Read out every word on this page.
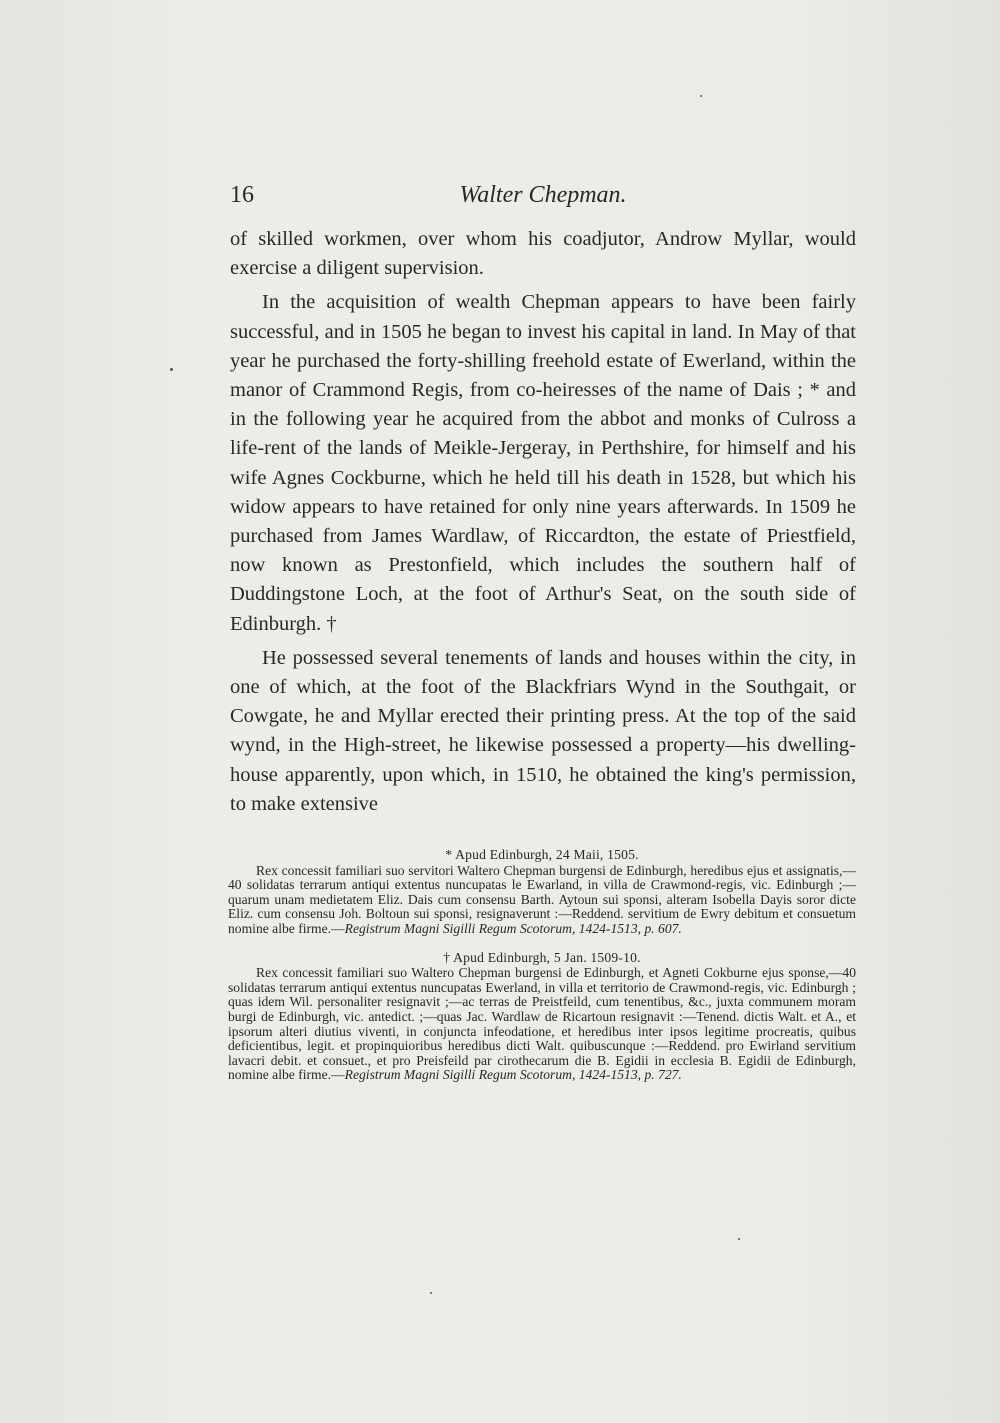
16	Walter Chepman.

of skilled workmen, over whom his coadjutor, Androw Myllar, would exercise a diligent supervision.

In the acquisition of wealth Chepman appears to have been fairly successful, and in 1505 he began to invest his capital in land. In May of that year he purchased the forty-shilling freehold estate of Ewerland, within the manor of Crammond Regis, from co-heiresses of the name of Dais ; * and in the following year he acquired from the abbot and monks of Culross a life-rent of the lands of Meikle-Jergeray, in Perthshire, for himself and his wife Agnes Cockburne, which he held till his death in 1528, but which his widow appears to have retained for only nine years afterwards. In 1509 he purchased from James Wardlaw, of Riccardton, the estate of Priestfield, now known as Prestonfield, which includes the southern half of Duddingstone Loch, at the foot of Arthur's Seat, on the south side of Edinburgh. †

He possessed several tenements of lands and houses within the city, in one of which, at the foot of the Blackfriars Wynd in the Southgait, or Cowgate, he and Myllar erected their printing press. At the top of the said wynd, in the High-street, he likewise possessed a property—his dwelling-house apparently, upon which, in 1510, he obtained the king's permission, to make extensive

* Apud Edinburgh, 24 Maii, 1505.
Rex concessit familiari suo servitori Waltero Chepman burgensi de Edinburgh, heredibus ejus et assignatis,—40 solidatas terrarum antiqui extentus nuncupatas le Ewarland, in villa de Crawmond-regis, vic. Edinburgh ;—quarum unam medietatem Eliz. Dais cum consensu Barth. Aytoun sui sponsi, alteram Isobella Dayis soror dicte Eliz. cum consensu Joh. Boltoun sui sponsi, resignaverunt :—Reddend. servitium de Ewry debitum et consuetum nomine albe firme.—Registrum Magni Sigilli Regum Scotorum, 1424-1513, p. 607.
† Apud Edinburgh, 5 Jan. 1509-10.
Rex concessit familiari suo Waltero Chepman burgensi de Edinburgh, et Agneti Cokburne ejus sponse,—40 solidatas terrarum antiqui extentus nuncupatas Ewerland, in villa et territorio de Crawmond-regis, vic. Edinburgh ; quas idem Wil. personaliter resignavit ;—ac terras de Preistfeild, cum tenentibus, &c., juxta communem moram burgi de Edinburgh, vic. antedict. ;—quas Jac. Wardlaw de Ricartoun resignavit :—Tenend. dictis Walt. et A., et ipsorum alteri diutius viventi, in conjuncta infeodatione, et heredibus inter ipsos legitime procreatis, quibus deficientibus, legit. et propinquioribus heredibus dicti Walt. quibuscunque :—Reddend. pro Ewirland servitium lavacri debit. et consuet., et pro Preisfeild par cirothecarum die B. Egidii in ecclesia B. Egidii de Edinburgh, nomine albe firme.—Registrum Magni Sigilli Regum Scotorum, 1424-1513, p. 727.
